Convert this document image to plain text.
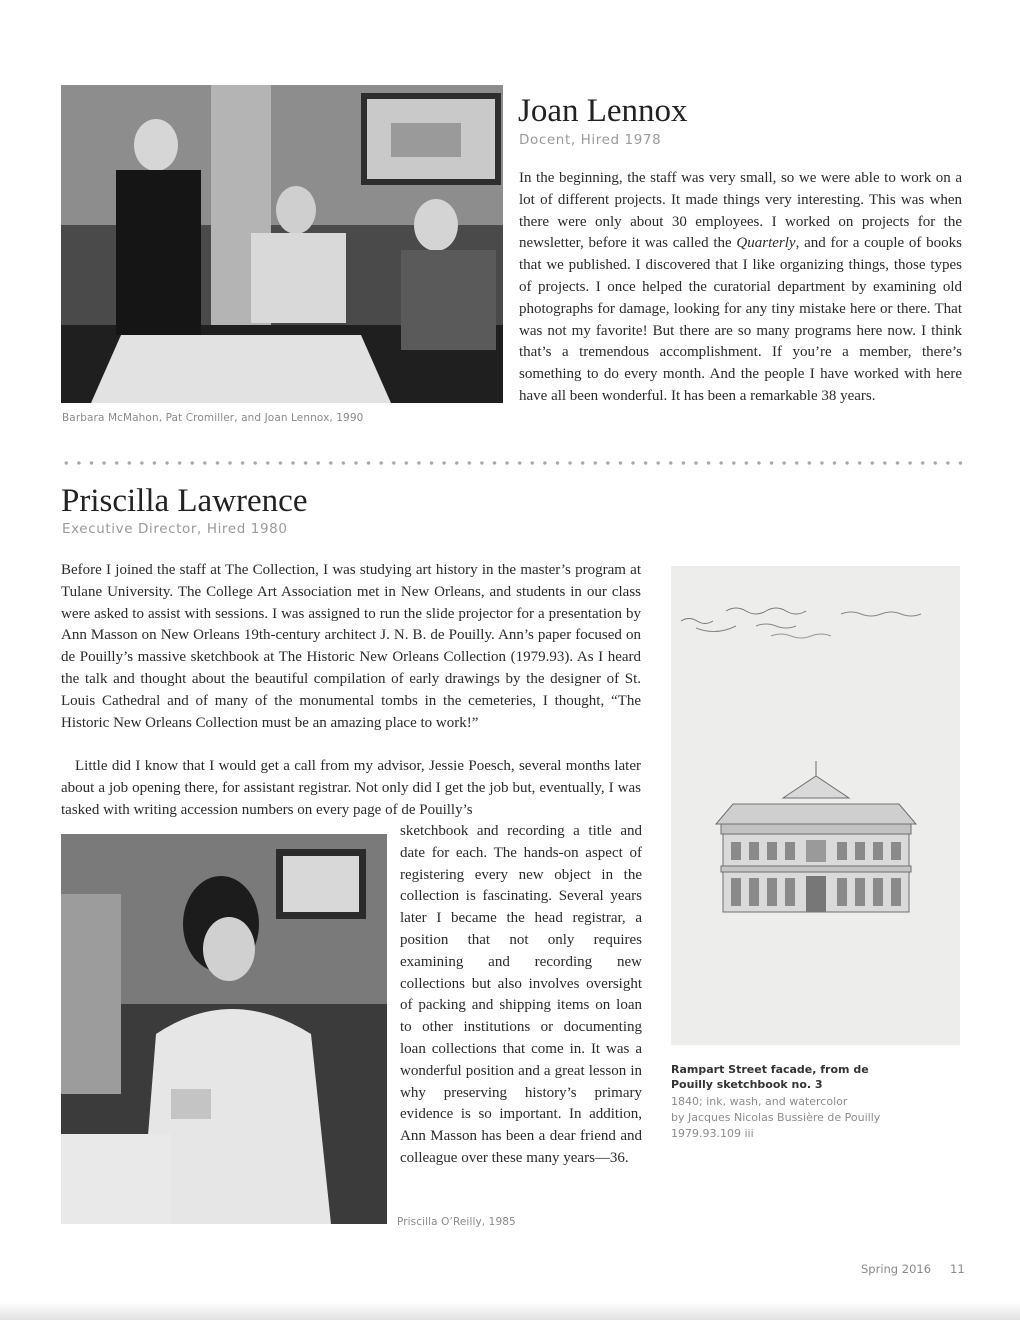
Barbara McMahon, Pat Cromiller, and Joan Lennox, 1990
Joan Lennox
Docent, Hired 1978

In the beginning, the staff was very small, so we were able to work on a lot of different projects. It made things very interesting. This was when there were only about 30 employees. I worked on projects for the newsletter, before it was called the Quarterly, and for a couple of books that we published. I discovered that I like organizing things, those types of projects. I once helped the curatorial department by examining old photographs for damage, looking for any tiny mistake here or there. That was not my favorite! But there are so many programs here now. I think that’s a tremendous accomplishment. If you’re a member, there’s something to do every month. And the people I have worked with here have all been wonderful. It has been a remarkable 38 years.

Priscilla Lawrence
Executive Director, Hired 1980

Before I joined the staff at The Collection, I was studying art history in the master’s program at Tulane University. The College Art Association met in New Orleans, and students in our class were asked to assist with sessions. I was assigned to run the slide projector for a presentation by Ann Masson on New Orleans 19th-century architect J. N. B. de Pouilly. Ann’s paper focused on de Pouilly’s massive sketchbook at The Historic New Orleans Collection (1979.93). As I heard the talk and thought about the beautiful compilation of early drawings by the designer of St. Louis Cathedral and of many of the monumental tombs in the cemeteries, I thought, “The Historic New Orleans Collection must be an amazing place to work!”

Little did I know that I would get a call from my advisor, Jessie Poesch, several months later about a job opening there, for assistant registrar. Not only did I get the job but, eventually, I was tasked with writing accession numbers on every page of de Pouilly’s

sketchbook and recording a title and date for each. The hands-on aspect of registering every new object in the collection is fascinating. Several years later I became the head registrar, a position that not only requires examining and recording new collections but also involves oversight of packing and shipping items on loan to other institutions or documenting loan collections that come in. It was a wonderful position and a great lesson in why preserving history’s primary evidence is so important. In addition, Ann Masson has been a dear friend and colleague over these many years—36.

Priscilla O’Reilly, 1985
Rampart Street facade, from de Pouilly sketchbook no. 3
1840; ink, wash, and watercolor
by Jacques Nicolas Bussière de Pouilly
1979.93.109 iii
Spring 2016 11
